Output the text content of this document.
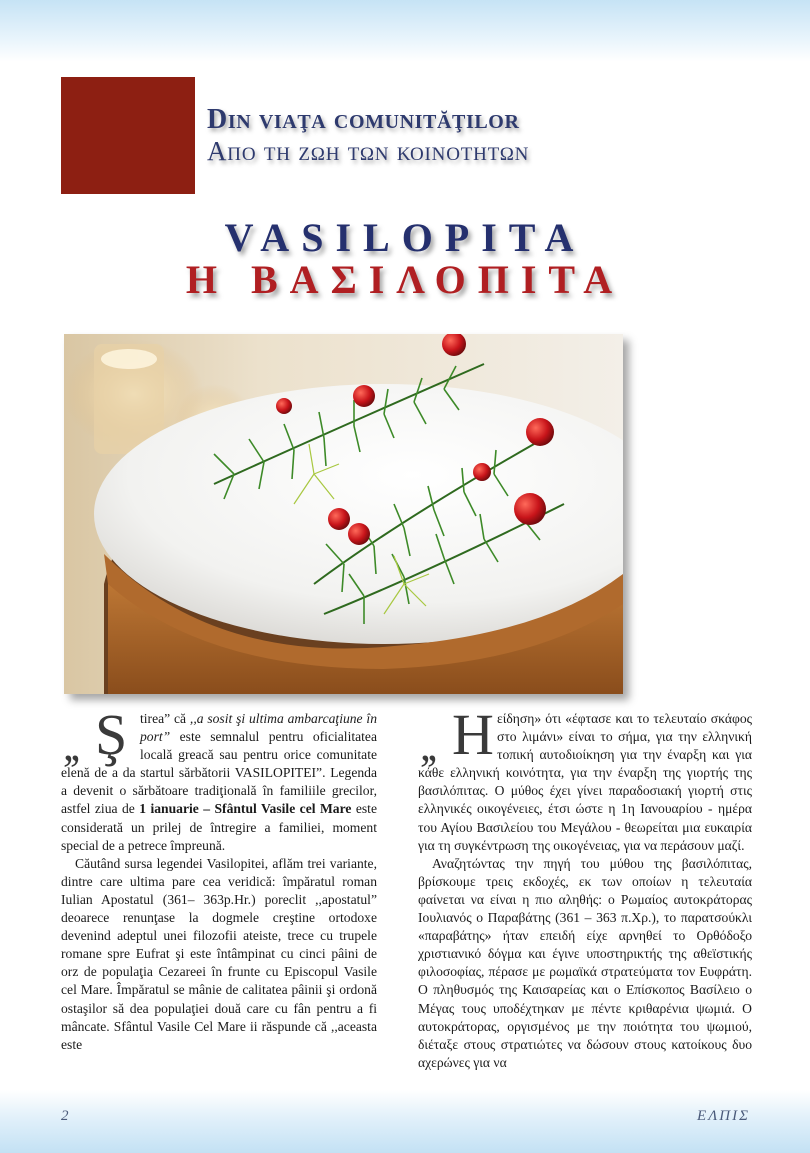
Din viaţa comunităţilor
Απο τη ζωη των κοινοτητων
VASILOPITA
Η ΒΑΣΙΛΟΠΙΤΑ
,, Ş tirea” că ,,a sosit şi ultima ambarcaţiune în port” este semnalul pentru oficialitatea locală greacă sau pentru orice comunitate elenă de a da startul sărbătorii VASILOPITEI”. Legenda a devenit o sărbătoare tradiţională în familiile grecilor, astfel ziua de 1 ianuarie – Sfântul Vasile cel Mare este considerată un prilej de întregire a familiei, moment special de a petrece împreună.

Căutând sursa legendei Vasilopitei, aflăm trei variante, dintre care ultima pare cea veridică: împăratul roman Iulian Apostatul (361– 363p.Hr.) poreclit ,,apostatul” deoarece renunţase la dogmele creştine ortodoxe devenind adeptul unei filozofii ateiste, trece cu trupele romane spre Eufrat şi este întâmpinat cu cinci pâini de orz de populaţia Cezareei în frunte cu Episcopul Vasile cel Mare. Împăratul se mânie de calitatea pâinii şi ordonă ostaşilor să dea populaţiei două care cu fân pentru a fi mâncate. Sfântul Vasile Cel Mare ii răspunde că ,,aceasta este

,, Η είδηση» ότι «έφτασε και το τελευταίο σκάφος στο λιμάνι» είναι το σήμα, για την ελληνική τοπική αυτοδιοίκηση για την έναρξη και για κάθε ελληνική κοινότητα, για την έναρξη της γιορτής της βασιλόπιτας. Ο μύθος έχει γίνει παραδοσιακή γιορτή στις ελληνικές οικογένειες, έτσι ώστε η 1η Ιανουαρίου - ημέρα του Αγίου Βασιλείου του Μεγάλου - θεωρείται μια ευκαιρία για τη συγκέντρωση της οικογένειας, για να περάσουν μαζί.

Αναζητώντας την πηγή του μύθου της βασιλόπιτας, βρίσκουμε τρεις εκδοχές, εκ των οποίων η τελευταία φαίνεται να είναι η πιο αληθής: ο Ρωμαίος αυτοκράτορας Ιουλιανός ο Παραβάτης (361 – 363 π.Χρ.), το παρατσούκλι «παραβάτης» ήταν επειδή είχε αρνηθεί το Ορθόδοξο χριστιανικό δόγμα και έγινε υποστηρικτής της αθεϊστικής φιλοσοφίας, πέρασε με ρωμαϊκά στρατεύματα τον Ευφράτη. Ο πληθυσμός της Καισαρείας και ο Επίσκοπος Βασίλειο ο Μέγας τους υποδέχτηκαν με πέντε κριθαρένια ψωμιά. Ο αυτοκράτορας, οργισμένος με την ποιότητα του ψωμιού, διέταξε στους στρατιώτες να δώσουν στους κατοίκους δυο αχερώνες για να

2	ΕΛΠΙΣ
